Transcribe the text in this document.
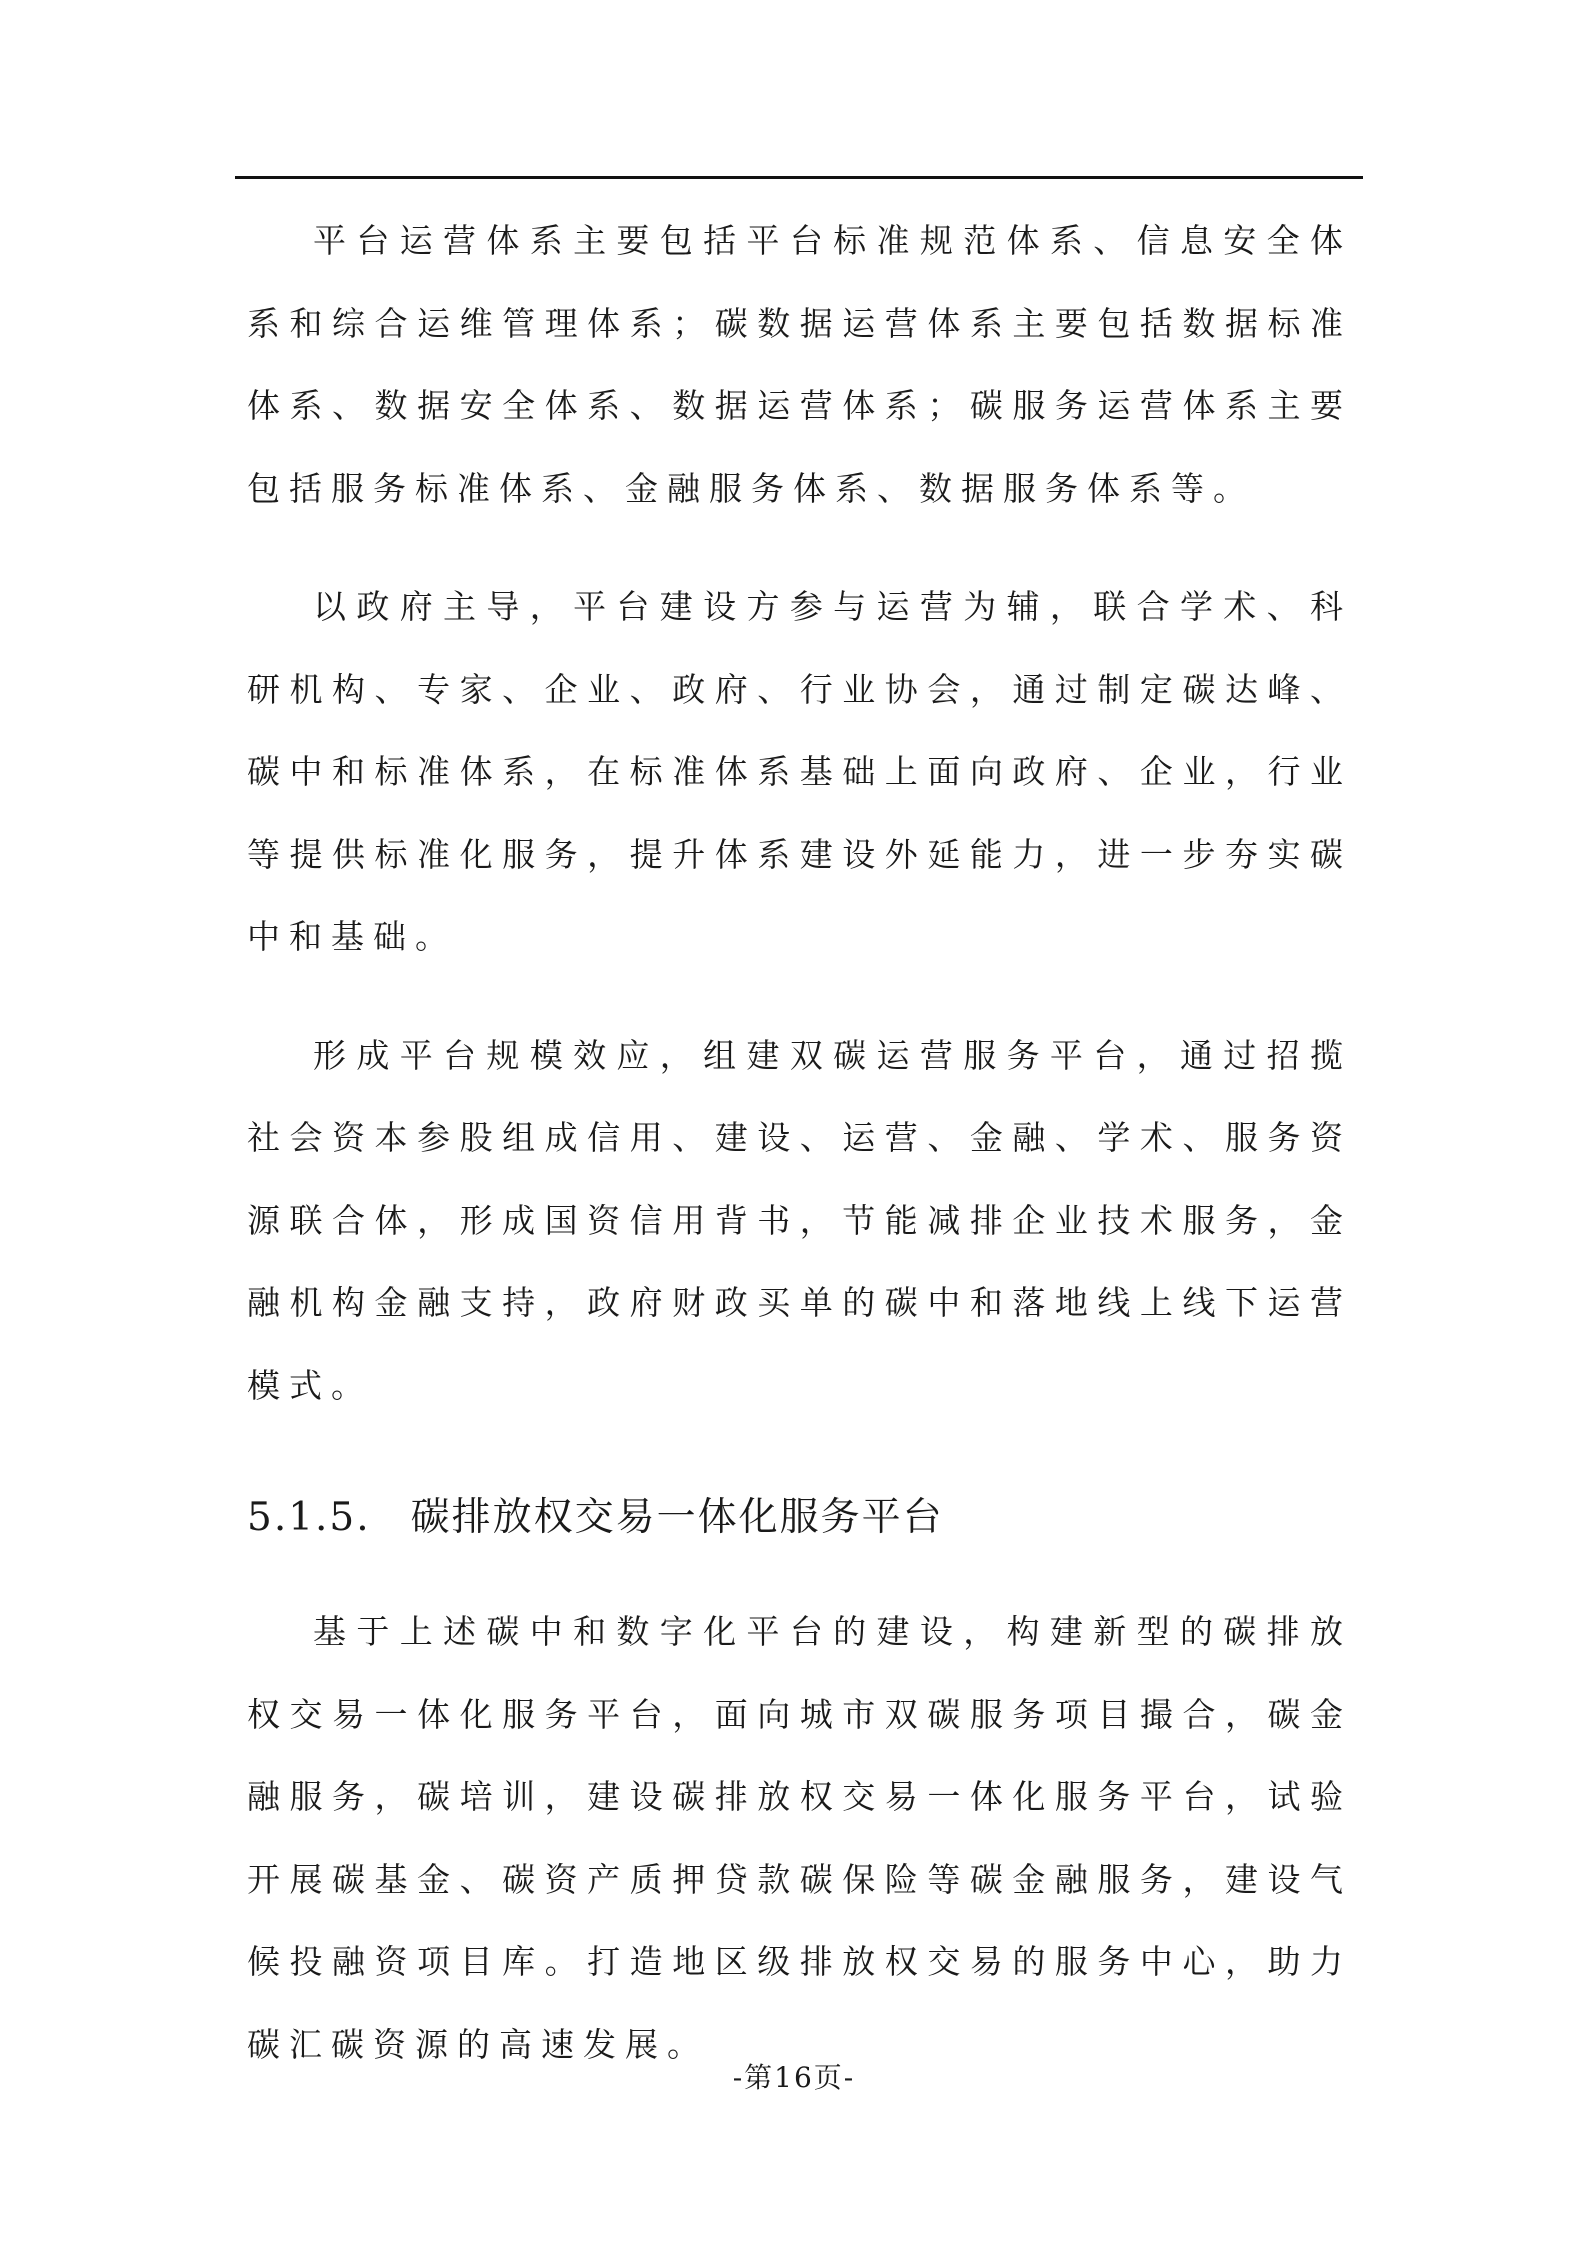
平台运营体系主要包括平台标准规范体系、信息安全体系和综合运维管理体系；碳数据运营体系主要包括数据标准体系、数据安全体系、数据运营体系；碳服务运营体系主要包括服务标准体系、金融服务体系、数据服务体系等。

以政府主导，平台建设方参与运营为辅，联合学术、科研机构、专家、企业、政府、行业协会，通过制定碳达峰、碳中和标准体系，在标准体系基础上面向政府、企业，行业等提供标准化服务，提升体系建设外延能力，进一步夯实碳中和基础。

形成平台规模效应，组建双碳运营服务平台，通过招揽社会资本参股组成信用、建设、运营、金融、学术、服务资源联合体，形成国资信用背书，节能减排企业技术服务，金融机构金融支持，政府财政买单的碳中和落地线上线下运营模式。

5.1.5. 碳排放权交易一体化服务平台

基于上述碳中和数字化平台的建设，构建新型的碳排放权交易一体化服务平台，面向城市双碳服务项目撮合，碳金融服务，碳培训，建设碳排放权交易一体化服务平台，试验开展碳基金、碳资产质押贷款碳保险等碳金融服务，建设气候投融资项目库。打造地区级排放权交易的服务中心，助力碳汇碳资源的高速发展。

-第16页-
